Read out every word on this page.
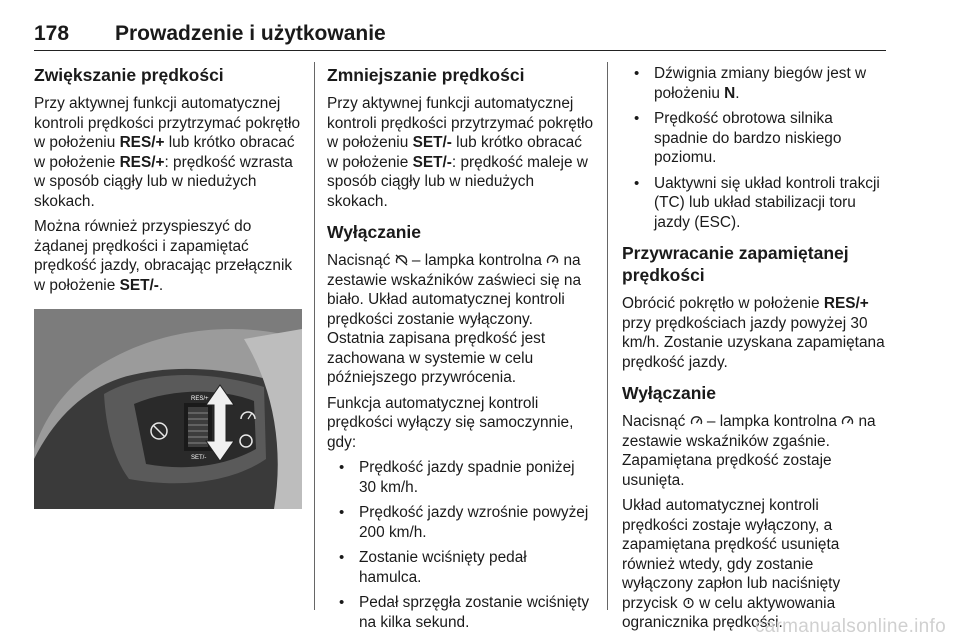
178 Prowadzenie i użytkowanie
Zwiększanie prędkości

Przy aktywnej funkcji automatycznej kontroli prędkości przytrzymać pokrętło w położeniu RES/+ lub krótko obracać w położenie RES/+: prędkość wzrasta w sposób ciągły lub w niedużych skokach.

Można również przyspieszyć do żądanej prędkości i zapamiętać prędkość jazdy, obracając przełącznik w położenie SET/-.

RES/+
SET/-
Zmniejszanie prędkości

Przy aktywnej funkcji automatycznej kontroli prędkości przytrzymać pokrętło w położeniu SET/- lub krótko obracać w położenie SET/-: prędkość maleje w sposób ciągły lub w niedużych skokach.

Wyłączanie

Nacisnąć  – lampka kontrolna  na zestawie wskaźników zaświeci się na biało. Układ automatycznej kontroli prędkości zostanie wyłączony. Ostatnia zapisana prędkość jest zachowana w systemie w celu późniejszego przywrócenia.

Funkcja automatycznej kontroli prędkości wyłączy się samoczynnie, gdy:

• Prędkość jazdy spadnie poniżej 30 km/h.
• Prędkość jazdy wzrośnie powyżej 200 km/h.
• Zostanie wciśnięty pedał hamulca.
• Pedał sprzęgła zostanie wciśnięty na kilka sekund.
• Dźwignia zmiany biegów jest w położeniu N.
• Prędkość obrotowa silnika spadnie do bardzo niskiego poziomu.
• Uaktywni się układ kontroli trakcji (TC) lub układ stabilizacji toru jazdy (ESC).
Przywracanie zapamiętanej prędkości

Obrócić pokrętło w położenie RES/+ przy prędkościach jazdy powyżej 30 km/h. Zostanie uzyskana zapamiętana prędkość jazdy.

Wyłączanie

Nacisnąć  – lampka kontrolna  na zestawie wskaźników zgaśnie. Zapamiętana prędkość zostaje usunięta.

Układ automatycznej kontroli prędkości zostaje wyłączony, a zapamiętana prędkość usunięta również wtedy, gdy zostanie wyłączony zapłon lub naciśnięty przycisk  w celu aktywowania ogranicznika prędkości.

carmanualsonline.info
